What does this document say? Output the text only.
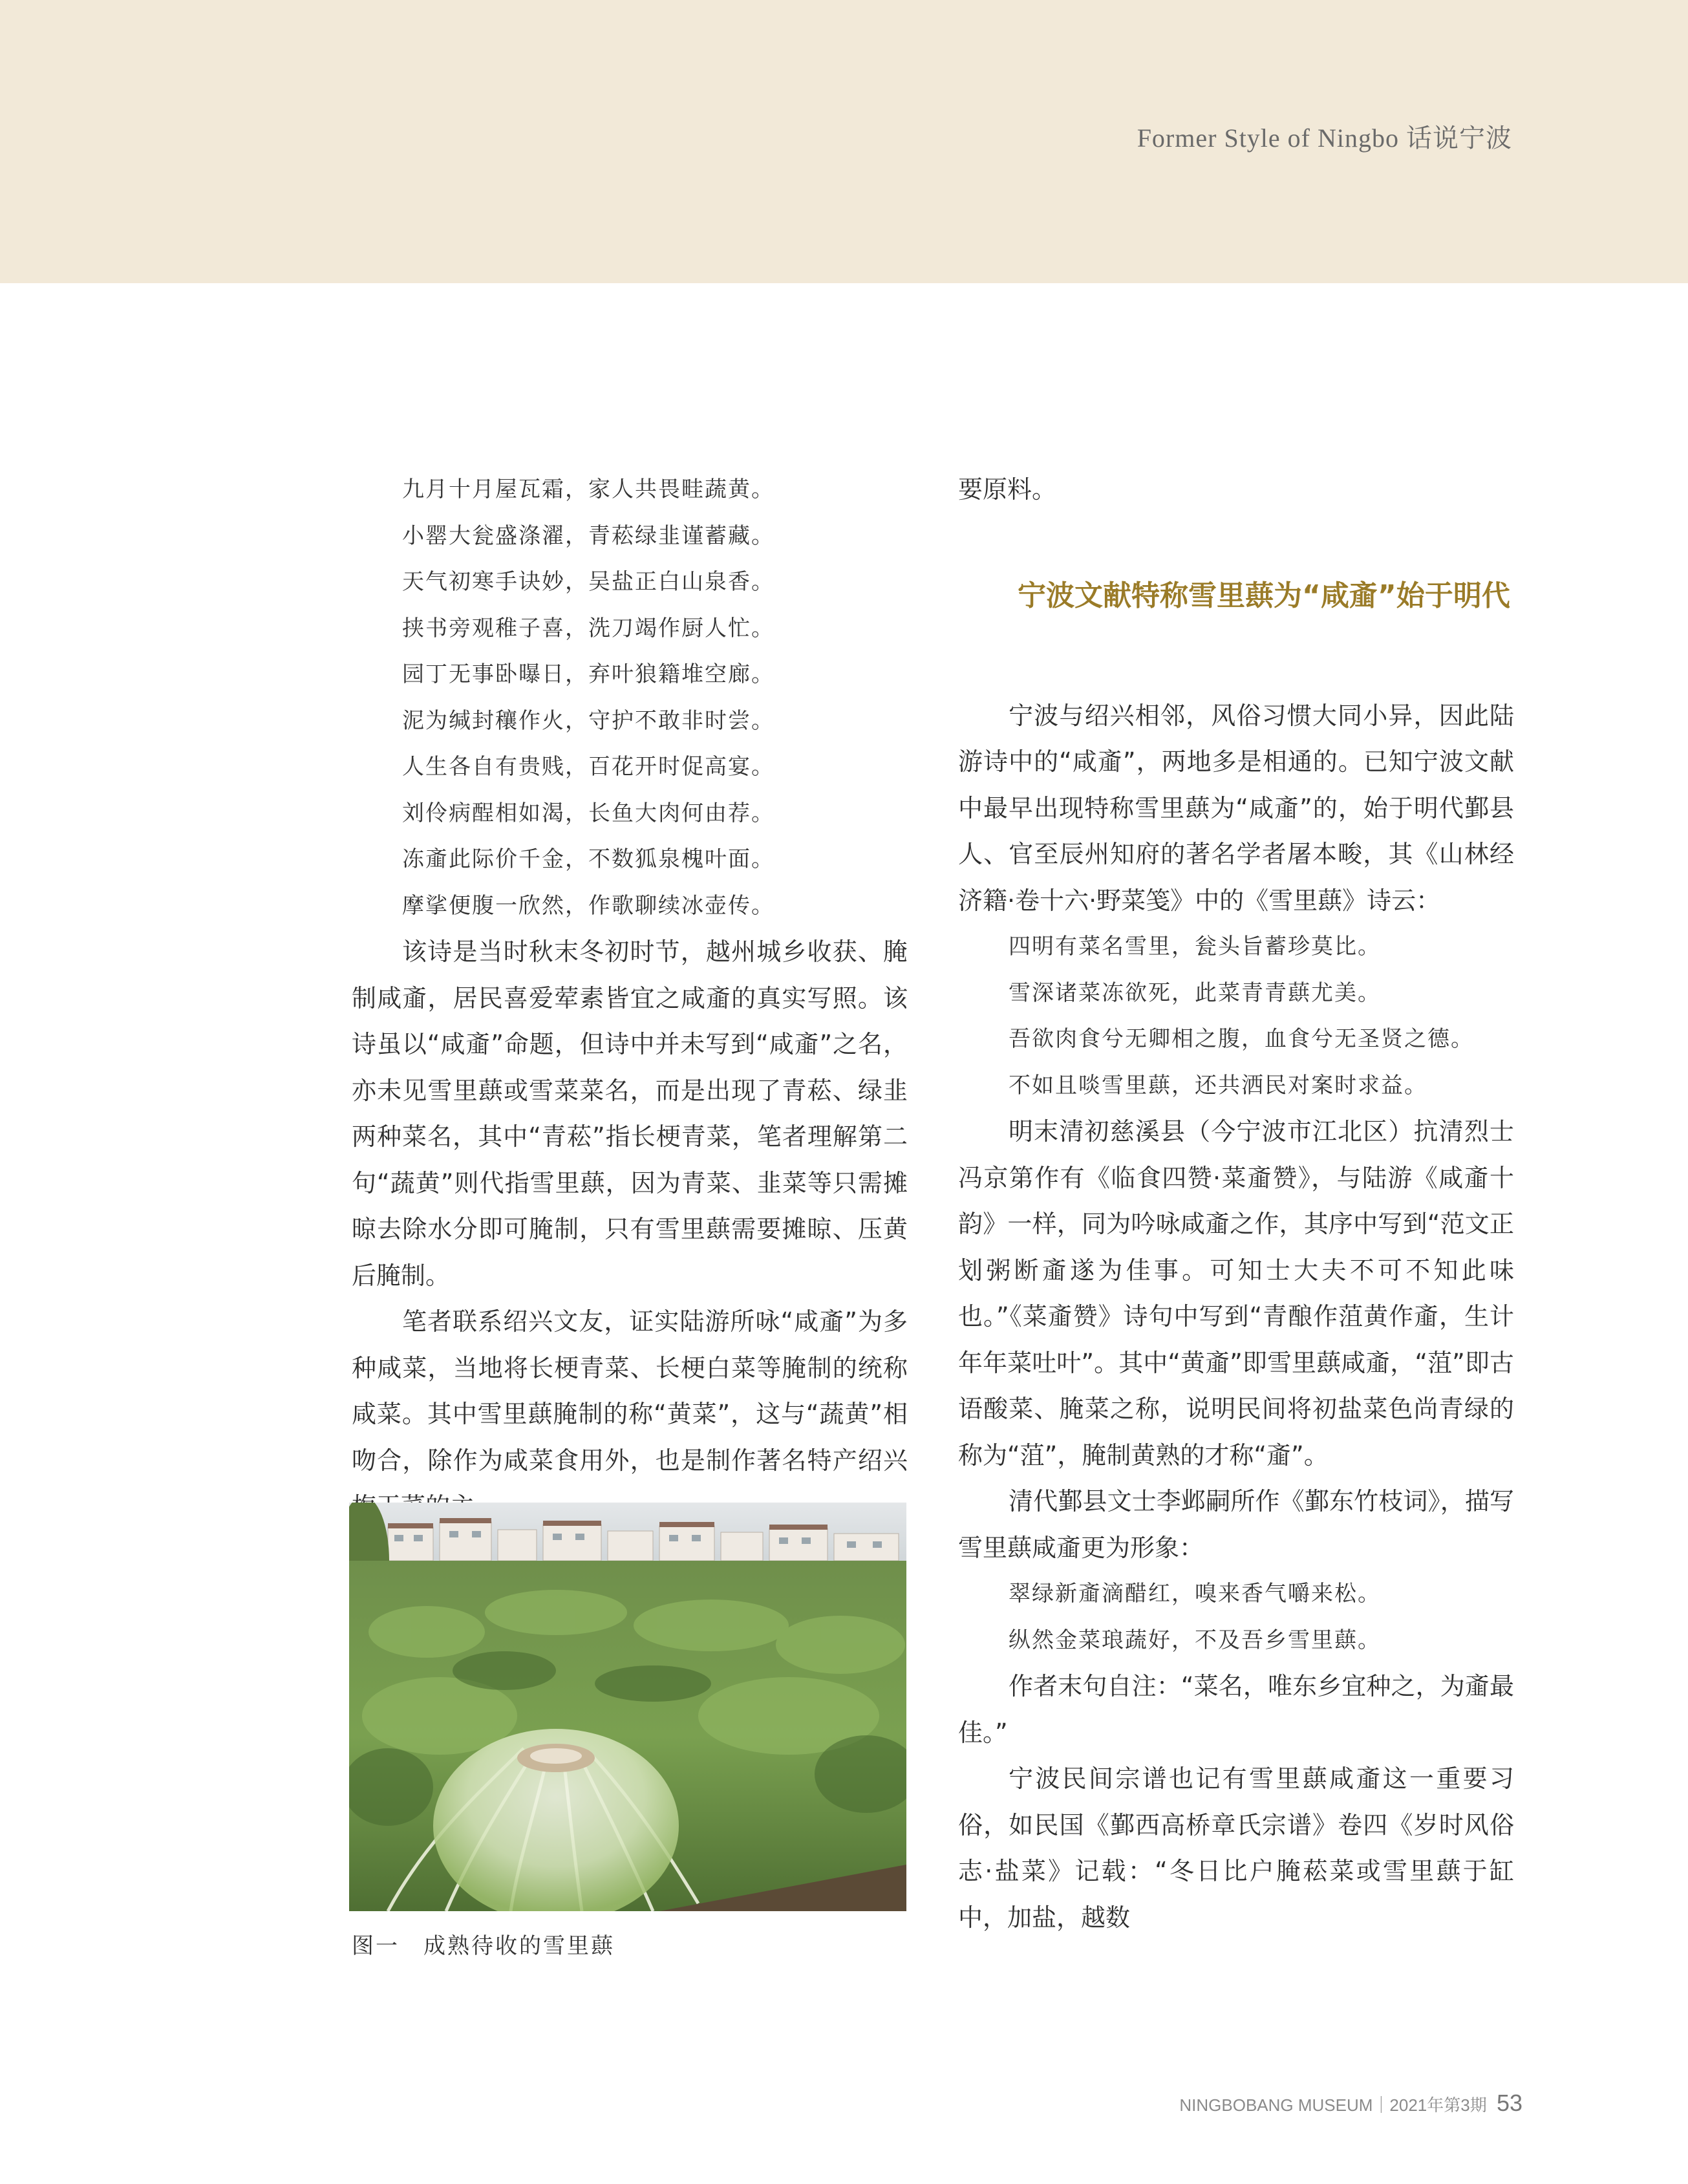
Former Style of Ningbo 话说宁波
九月十月屋瓦霜，家人共畏畦蔬黄。
小罂大瓮盛涤濯，青菘绿韭谨蓄藏。
天气初寒手诀妙，吴盐正白山泉香。
挟书旁观稚子喜，洗刀竭作厨人忙。
园丁无事卧曝日，弃叶狼籍堆空廊。
泥为缄封穰作火，守护不敢非时尝。
人生各自有贵贱，百花开时促高宴。
刘伶病酲相如渴，长鱼大肉何由荐。
冻齑此际价千金，不数狐泉槐叶面。
摩挲便腹一欣然，作歌聊续冰壶传。

该诗是当时秋末冬初时节，越州城乡收获、腌制咸齑，居民喜爱荤素皆宜之咸齑的真实写照。该诗虽以“咸齑”命题，但诗中并未写到“咸齑”之名，亦未见雪里蕻或雪菜菜名，而是出现了青菘、绿韭两种菜名，其中“青菘”指长梗青菜，笔者理解第二句“蔬黄”则代指雪里蕻，因为青菜、韭菜等只需摊晾去除水分即可腌制，只有雪里蕻需要摊晾、压黄后腌制。

笔者联系绍兴文友，证实陆游所咏“咸齑”为多种咸菜，当地将长梗青菜、长梗白菜等腌制的统称咸菜。其中雪里蕻腌制的称“黄菜”，这与“蔬黄”相吻合，除作为咸菜食用外，也是制作著名特产绍兴

图一　成熟待收的雪里蕻

要原料。

宁波文献特称雪里蕻为“咸齑”始于明代

宁波与绍兴相邻，风俗习惯大同小异，因此陆游诗中的“咸齑”，两地多是相通的。已知宁波文献中最早出现特称雪里蕻为“咸齑”的，始于明代鄞县人、官至辰州知府的著名学者屠本畯，其《山林经济籍·卷十六·野菜笺》中的《雪里蕻》诗云：

四明有菜名雪里，瓮头旨蓄珍莫比。
雪深诸菜冻欲死，此菜青青蕻尤美。
吾欲肉食兮无卿相之腹，血食兮无圣贤之德。
不如且啖雪里蕻，还共洒民对案时求益。

明末清初慈溪县（今宁波市江北区）抗清烈士冯京第作有《临食四赞·菜齑赞》，与陆游《咸齑十韵》一样，同为吟咏咸齑之作，其序中写到“范文正划粥断齑遂为佳事。可知士大夫不可不知此味也。”《菜齑赞》诗句中写到“青酿作菹黄作齑，生计年年菜吐叶”。其中“黄齑”即雪里蕻咸齑，“菹”即古语酸菜、腌菜之称，说明民间将初盐菜色尚青绿的称为“菹”，腌制黄熟的才称“齑”。

清代鄞县文士李邺嗣所作《鄞东竹枝词》，描写雪里蕻咸齑更为形象：

翠绿新齑滴醋红，嗅来香气嚼来松。
纵然金菜琅蔬好，不及吾乡雪里蕻。

作者末句自注：“菜名，唯东乡宜种之，为齑最佳。”

宁波民间宗谱也记有雪里蕻咸齑这一重要习俗，如民国《鄞西高桥章氏宗谱》卷四《岁时风俗志·盐菜》记载：“冬日比户腌菘菜或雪里蕻于缸中，加盐，越数

NINGBOBANG MUSEUM｜2021年第3期 53
